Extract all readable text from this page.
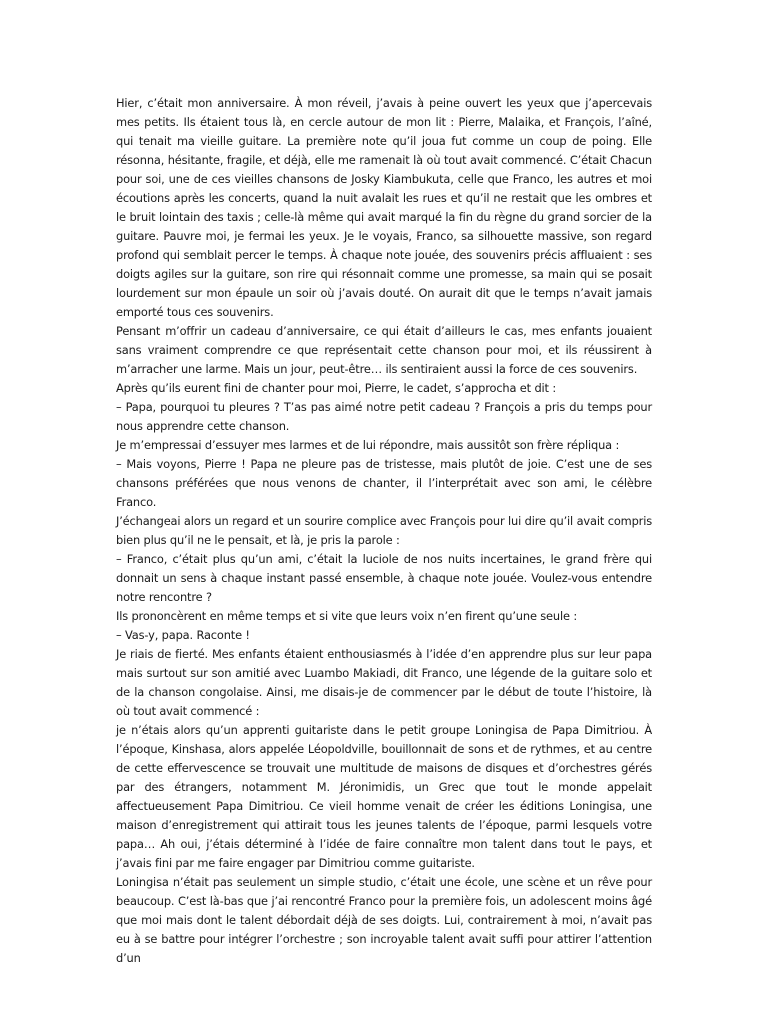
Hier, c’était mon anniversaire. À mon réveil, j’avais à peine ouvert les yeux que j’apercevais mes petits. Ils étaient tous là, en cercle autour de mon lit : Pierre, Malaika, et François, l’aîné, qui tenait ma vieille guitare. La première note qu’il joua fut comme un coup de poing. Elle résonna, hésitante, fragile, et déjà, elle me ramenait là où tout avait commencé. C’était Chacun pour soi, une de ces vieilles chansons de Josky Kiambukuta, celle que Franco, les autres et moi écoutions après les concerts, quand la nuit avalait les rues et qu’il ne restait que les ombres et le bruit lointain des taxis ; celle-là même qui avait marqué la fin du règne du grand sorcier de la guitare. Pauvre moi, je fermai les yeux. Je le voyais, Franco, sa silhouette massive, son regard profond qui semblait percer le temps. À chaque note jouée, des souvenirs précis affluaient : ses doigts agiles sur la guitare, son rire qui résonnait comme une promesse, sa main qui se posait lourdement sur mon épaule un soir où j’avais douté. On aurait dit que le temps n’avait jamais emporté tous ces souvenirs.

Pensant m’offrir un cadeau d’anniversaire, ce qui était d’ailleurs le cas, mes enfants jouaient sans vraiment comprendre ce que représentait cette chanson pour moi, et ils réussirent à m’arracher une larme. Mais un jour, peut-être… ils sentiraient aussi la force de ces souvenirs.

Après qu’ils eurent fini de chanter pour moi, Pierre, le cadet, s’approcha et dit :

– Papa, pourquoi tu pleures ? T’as pas aimé notre petit cadeau ? François a pris du temps pour nous apprendre cette chanson.

Je m’empressai d’essuyer mes larmes et de lui répondre, mais aussitôt son frère répliqua :

– Mais voyons, Pierre ! Papa ne pleure pas de tristesse, mais plutôt de joie. C’est une de ses chansons préférées que nous venons de chanter, il l’interprétait avec son ami, le célèbre Franco.

J’échangeai alors un regard et un sourire complice avec François pour lui dire qu’il avait compris bien plus qu’il ne le pensait, et là, je pris la parole :

– Franco, c’était plus qu’un ami, c’était la luciole de nos nuits incertaines, le grand frère qui donnait un sens à chaque instant passé ensemble, à chaque note jouée. Voulez-vous entendre notre rencontre ?

Ils prononcèrent en même temps et si vite que leurs voix n’en firent qu’une seule :

– Vas-y, papa. Raconte !

Je riais de fierté. Mes enfants étaient enthousiasmés à l’idée d’en apprendre plus sur leur papa mais surtout sur son amitié avec Luambo Makiadi, dit Franco, une légende de la guitare solo et de la chanson congolaise. Ainsi, me disais-je de commencer par le début de toute l’histoire, là où tout avait commencé :

je n’étais alors qu’un apprenti guitariste dans le petit groupe Loningisa de Papa Dimitriou. À l’époque, Kinshasa, alors appelée Léopoldville, bouillonnait de sons et de rythmes, et au centre de cette effervescence se trouvait une multitude de maisons de disques et d’orchestres gérés par des étrangers, notamment M. Jéronimidis, un Grec que tout le monde appelait affectueusement Papa Dimitriou. Ce vieil homme venait de créer les éditions Loningisa, une maison d’enregistrement qui attirait tous les jeunes talents de l’époque, parmi lesquels votre papa… Ah oui, j’étais déterminé à l’idée de faire connaître mon talent dans tout le pays, et j’avais fini par me faire engager par Dimitriou comme guitariste.

Loningisa n’était pas seulement un simple studio, c’était une école, une scène et un rêve pour beaucoup. C’est là-bas que j’ai rencontré Franco pour la première fois, un adolescent moins âgé que moi mais dont le talent débordait déjà de ses doigts. Lui, contrairement à moi, n’avait pas eu à se battre pour intégrer l’orchestre ; son incroyable talent avait suffi pour attirer l’attention d’un
